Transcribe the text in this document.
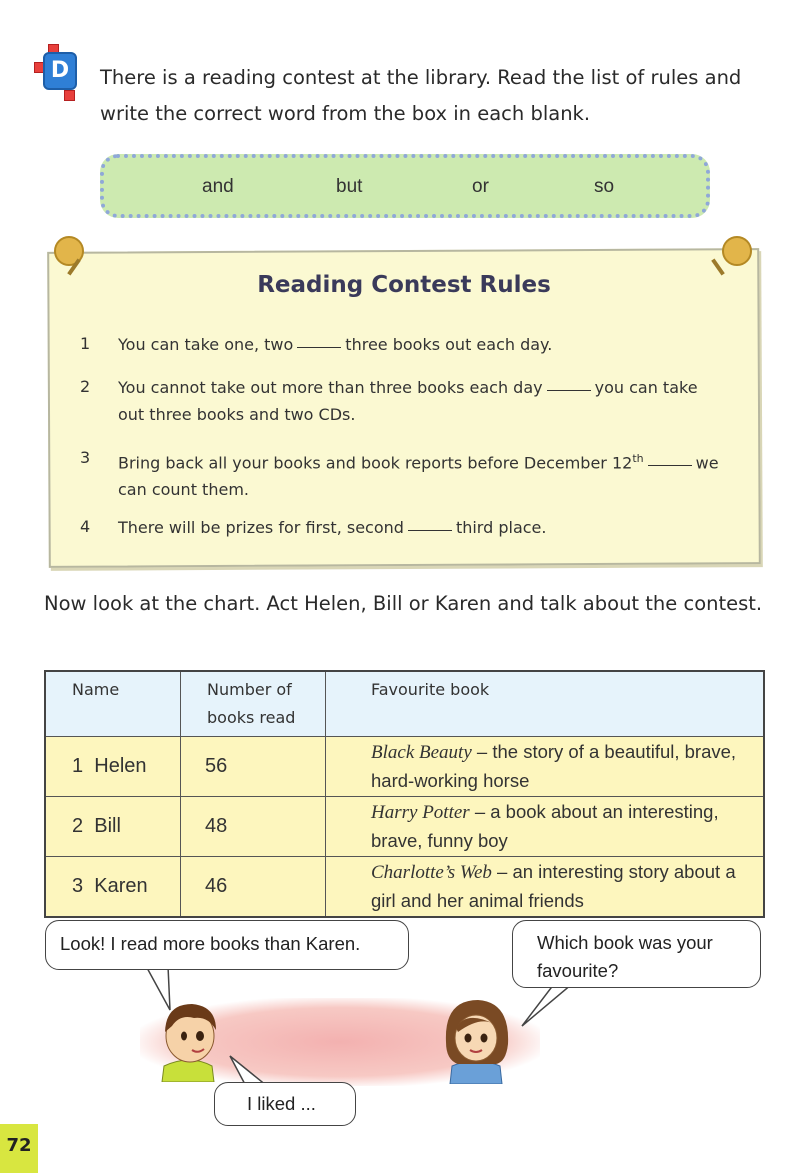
D	There is a reading contest at the library. Read the list of rules and write the correct word from the box in each blank.
and	but	or	so
Reading Contest Rules
1 You can take one, two	three books out each day.
2 You cannot take out more than three books each day	you can take out three books and two CDs.
3 Bring back all your books and book reports before December 12th	we can count them.
4 There will be prizes for first, second	third place.
Now look at the chart. Act Helen, Bill or Karen and talk about the contest.
Name	Number of books read	Favourite book
1 Helen	56	Black Beauty – the story of a beautiful, brave, hard-working horse
2 Bill	48	Harry Potter – a book about an interesting, brave, funny boy
3 Karen	46	Charlotte’s Web – an interesting story about a girl and her animal friends
Look! I read more books than Karen.	Which book was your favourite?
I liked ...
72
